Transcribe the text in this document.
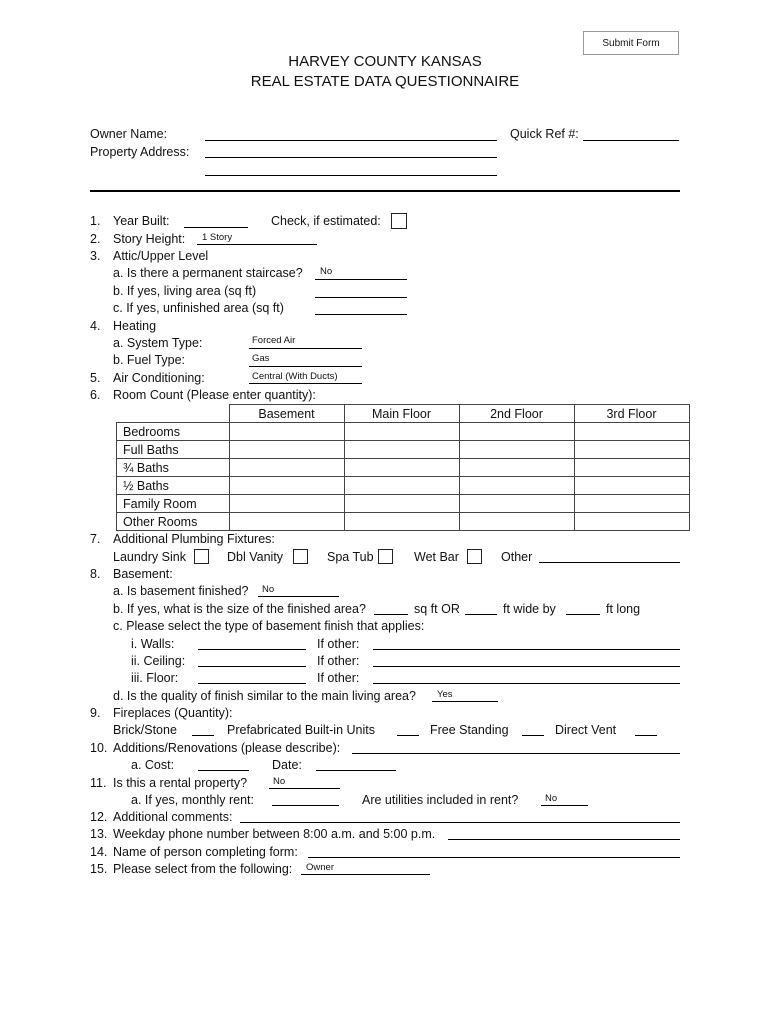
Submit Form
HARVEY COUNTY KANSAS
REAL ESTATE DATA QUESTIONNAIRE
Owner Name:	Quick Ref #:
Property Address:
1. Year Built:	Check, if estimated:
2. Story Height: 1 Story
3. Attic/Upper Level
a. Is there a permanent staircase? No
b. If yes, living area (sq ft)
c. If yes, unfinished area (sq ft)
4. Heating
a. System Type:	Forced Air
b. Fuel Type:	Gas
5. Air Conditioning:	Central (With Ducts)
6. Room Count (Please enter quantity):
	Basement	Main Floor	2nd Floor	3rd Floor
Bedrooms				
Full Baths				
¾ Baths				
½ Baths				
Family Room				
Other Rooms				
7. Additional Plumbing Fixtures:
Laundry Sink	Dbl Vanity	Spa Tub	Wet Bar	Other
8. Basement:
a. Is basement finished? No
b. If yes, what is the size of the finished area?	sq ft OR	ft wide by	ft long
c. Please select the type of basement finish that applies:
i. Walls:	If other:
ii. Ceiling:	If other:
iii. Floor:	If other:
d. Is the quality of finish similar to the main living area? Yes
9. Fireplaces (Quantity):
Brick/Stone	Prefabricated Built-in Units	Free Standing	Direct Vent
10. Additions/Renovations (please describe):
a. Cost:	Date:
11. Is this a rental property?	No
a. If yes, monthly rent:	Are utilities included in rent?	No
12. Additional comments:
13. Weekday phone number between 8:00 a.m. and 5:00 p.m.
14. Name of person completing form:
15. Please select from the following: Owner
